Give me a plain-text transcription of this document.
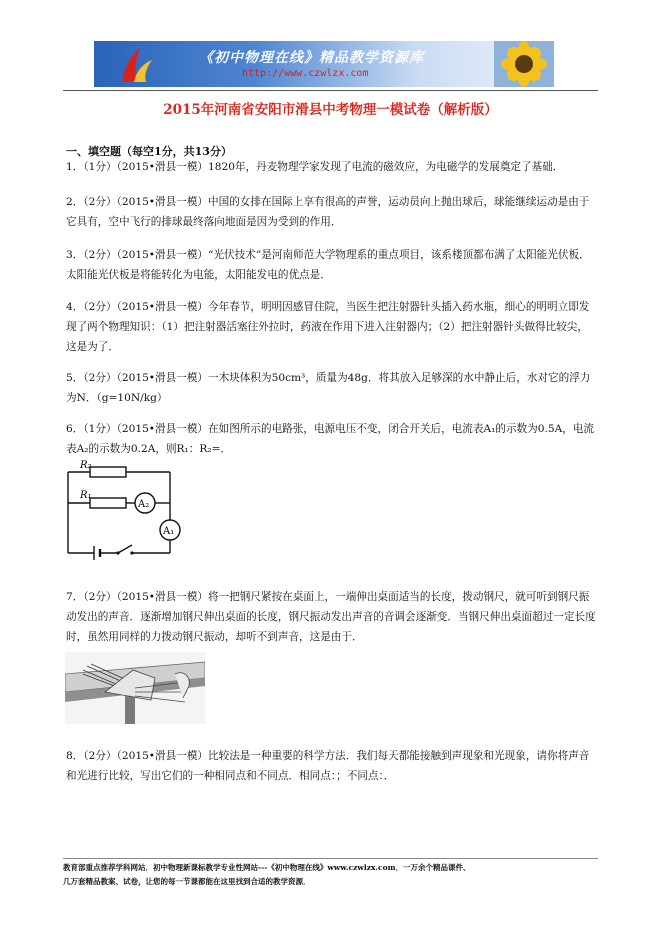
《初中物理在线》精品教学资源库
http://www.czwlzx.com
2015年河南省安阳市滑县中考物理一模试卷（解析版）
一、填空题（每空1分，共13分）
1．（1分）（2015•滑县一模）1820年，丹麦物理学家发现了电流的磁效应，为电磁学的发展奠定了基础．
2．（2分）（2015•滑县一模）中国的女排在国际上享有很高的声誉，运动员向上抛出球后，球能继续运动是由于它具有，空中飞行的排球最终落向地面是因为受到的作用．
3．（2分）（2015•滑县一模）“光伏技术”是河南师范大学物理系的重点项目，该系楼顶都布满了太阳能光伏板．太阳能光伏板是将能转化为电能，太阳能发电的优点是．
4．（2分）（2015•滑县一模）今年春节，明明因感冒住院，当医生把注射器针头插入药水瓶，细心的明明立即发现了两个物理知识：（1）把注射器活塞往外拉时，药液在作用下进入注射器内；（2）把注射器针头做得比较尖，这是为了．
5．（2分）（2015•滑县一模）一木块体积为50cm³，质量为48g．将其放入足够深的水中静止后，水对它的浮力为N．（g=10N/kg）
6．（1分）（2015•滑县一模）在如图所示的电路张，电源电压不变，闭合开关后，电流表A₁的示数为0.5A，电流表A₂的示数为0.2A，则R₁：R₂=．
R₂
R₁
A₂
A₁
7．（2分）（2015•滑县一模）将一把钢尺紧按在桌面上，一端伸出桌面适当的长度，拨动钢尺，就可听到钢尺振动发出的声音．逐渐增加钢尺伸出桌面的长度，钢尺振动发出声音的音调会逐渐变．当钢尺伸出桌面超过一定长度时，虽然用同样的力拨动钢尺振动，却听不到声音，这是由于．
8．（2分）（2015•滑县一模）比较法是一种重要的科学方法．我们每天都能接触到声现象和光现象，请你将声音和光进行比较，写出它们的一种相同点和不同点．相同点：；不同点：．
教育部重点推荐学科网站．初中物理新课标教学专业性网站---《初中物理在线》www.czwlzx.com．一万余个精品课件、
几万套精品教案、试卷，让您的每一节课都能在这里找到合适的教学资源．
